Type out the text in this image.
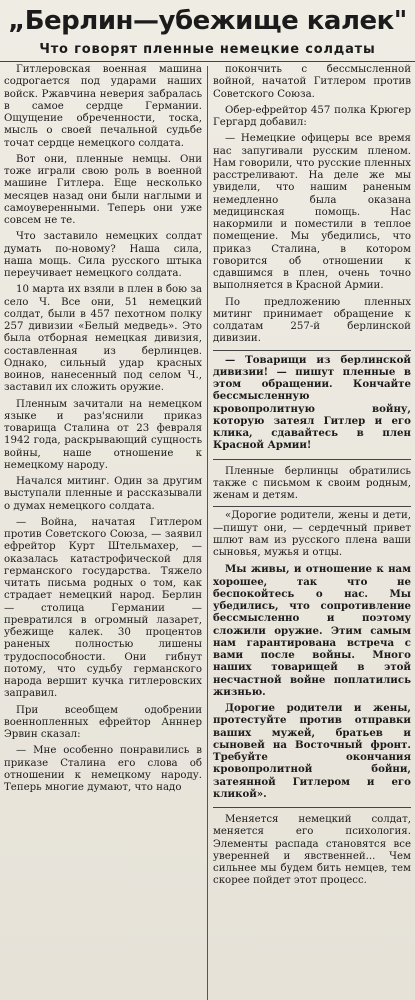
„Берлин—убежище калек"
Что говорят пленные немецкие солдаты

Гитлеровская военная машина содрогается под ударами наших войск. Ржавчина неверия забралась в самое сердце Германии. Ощущение обреченности, тоска, мысль о своей печальной судьбе точат сердце немецкого солдата.

Вот они, пленные немцы. Они тоже играли свою роль в военной машине Гитлера. Еще несколько месяцев назад они были наглыми и самоуверенными. Теперь они уже совсем не те.

Что заставило немецких солдат думать по-новому? Наша сила, наша мощь. Сила русского штыка переучивает немецкого солдата.

10 марта их взяли в плен в бою за село Ч. Все они, 51 немецкий солдат, были в 457 пехотном полку 257 дивизии «Белый медведь». Это была отборная немецкая дивизия, составленная из берлинцев. Однако, сильный удар красных воинов, нанесенный под селом Ч., заставил их сложить оружие.

Пленным зачитали на немецком языке и раз'яснили приказ товарища Сталина от 23 февраля 1942 года, раскрывающий сущность войны, наше отношение к немецкому народу.

Начался митинг. Один за другим выступали пленные и рассказывали о думах немецкого солдата.

— Война, начатая Гитлером против Советского Союза, — заявил ефрейтор Курт Штельмахер, — оказалась катастрофической для германского государства. Тяжело читать письма родных о том, как страдает немецкий народ. Берлин — столица Германии — превратился в огромный лазарет, убежище калек. 30 процентов раненых полностью лишены трудоспособности. Они гибнут потому, что судьбу германского народа вершит кучка гитлеровских заправил.

При всеобщем одобрении военнопленных ефрейтор Анннер Эрвин сказал:

— Мне особенно понравились в приказе Сталина его слова об отношении к немецкому народу. Теперь многие думают, что надо

покончить с бессмысленной войной, начатой Гитлером против Советского Союза.

Обер-ефрейтор 457 полка Крюгер Гергард добавил:

— Немецкие офицеры все время нас запугивали русским пленом. Нам говорили, что русские пленных расстреливают. На деле же мы увидели, что нашим раненым немедленно была оказана медицинская помощь. Нас накормили и поместили в теплое помещение. Мы убедились, что приказ Сталина, в котором говорится об отношении к сдавшимся в плен, очень точно выполняется в Красной Армии.

По предложению пленных митинг принимает обращение к солдатам 257-й берлинской дивизии.

— Товарищи из берлинской дивизии! — пишут пленные в этом обращении. Кончайте бессмысленную кровопролитную войну, которую затеял Гитлер и его клика, сдавайтесь в плен Красной Армии!

Пленные берлинцы обратились также с письмом к своим родным, женам и детям.

«Дорогие родители, жены и дети,—пишут они, — сердечный привет шлют вам из русского плена ваши сыновья, мужья и отцы.

Мы живы, и отношение к нам хорошее, так что не беспокойтесь о нас. Мы убедились, что сопротивление бессмысленно и поэтому сложили оружие. Этим самым нам гарантирована встреча с вами после войны. Много наших товарищей в этой несчастной войне поплатились жизнью.

Дорогие родители и жены, протестуйте против отправки ваших мужей, братьев и сыновей на Восточный фронт. Требуйте окончания кровопролитной бойни, затеянной Гитлером и его кликой».

Меняется немецкий солдат, меняется его психология. Элементы распада становятся все уверенней и явственней... Чем сильнее мы будем бить немцев, тем скорее пойдет этот процесс.
